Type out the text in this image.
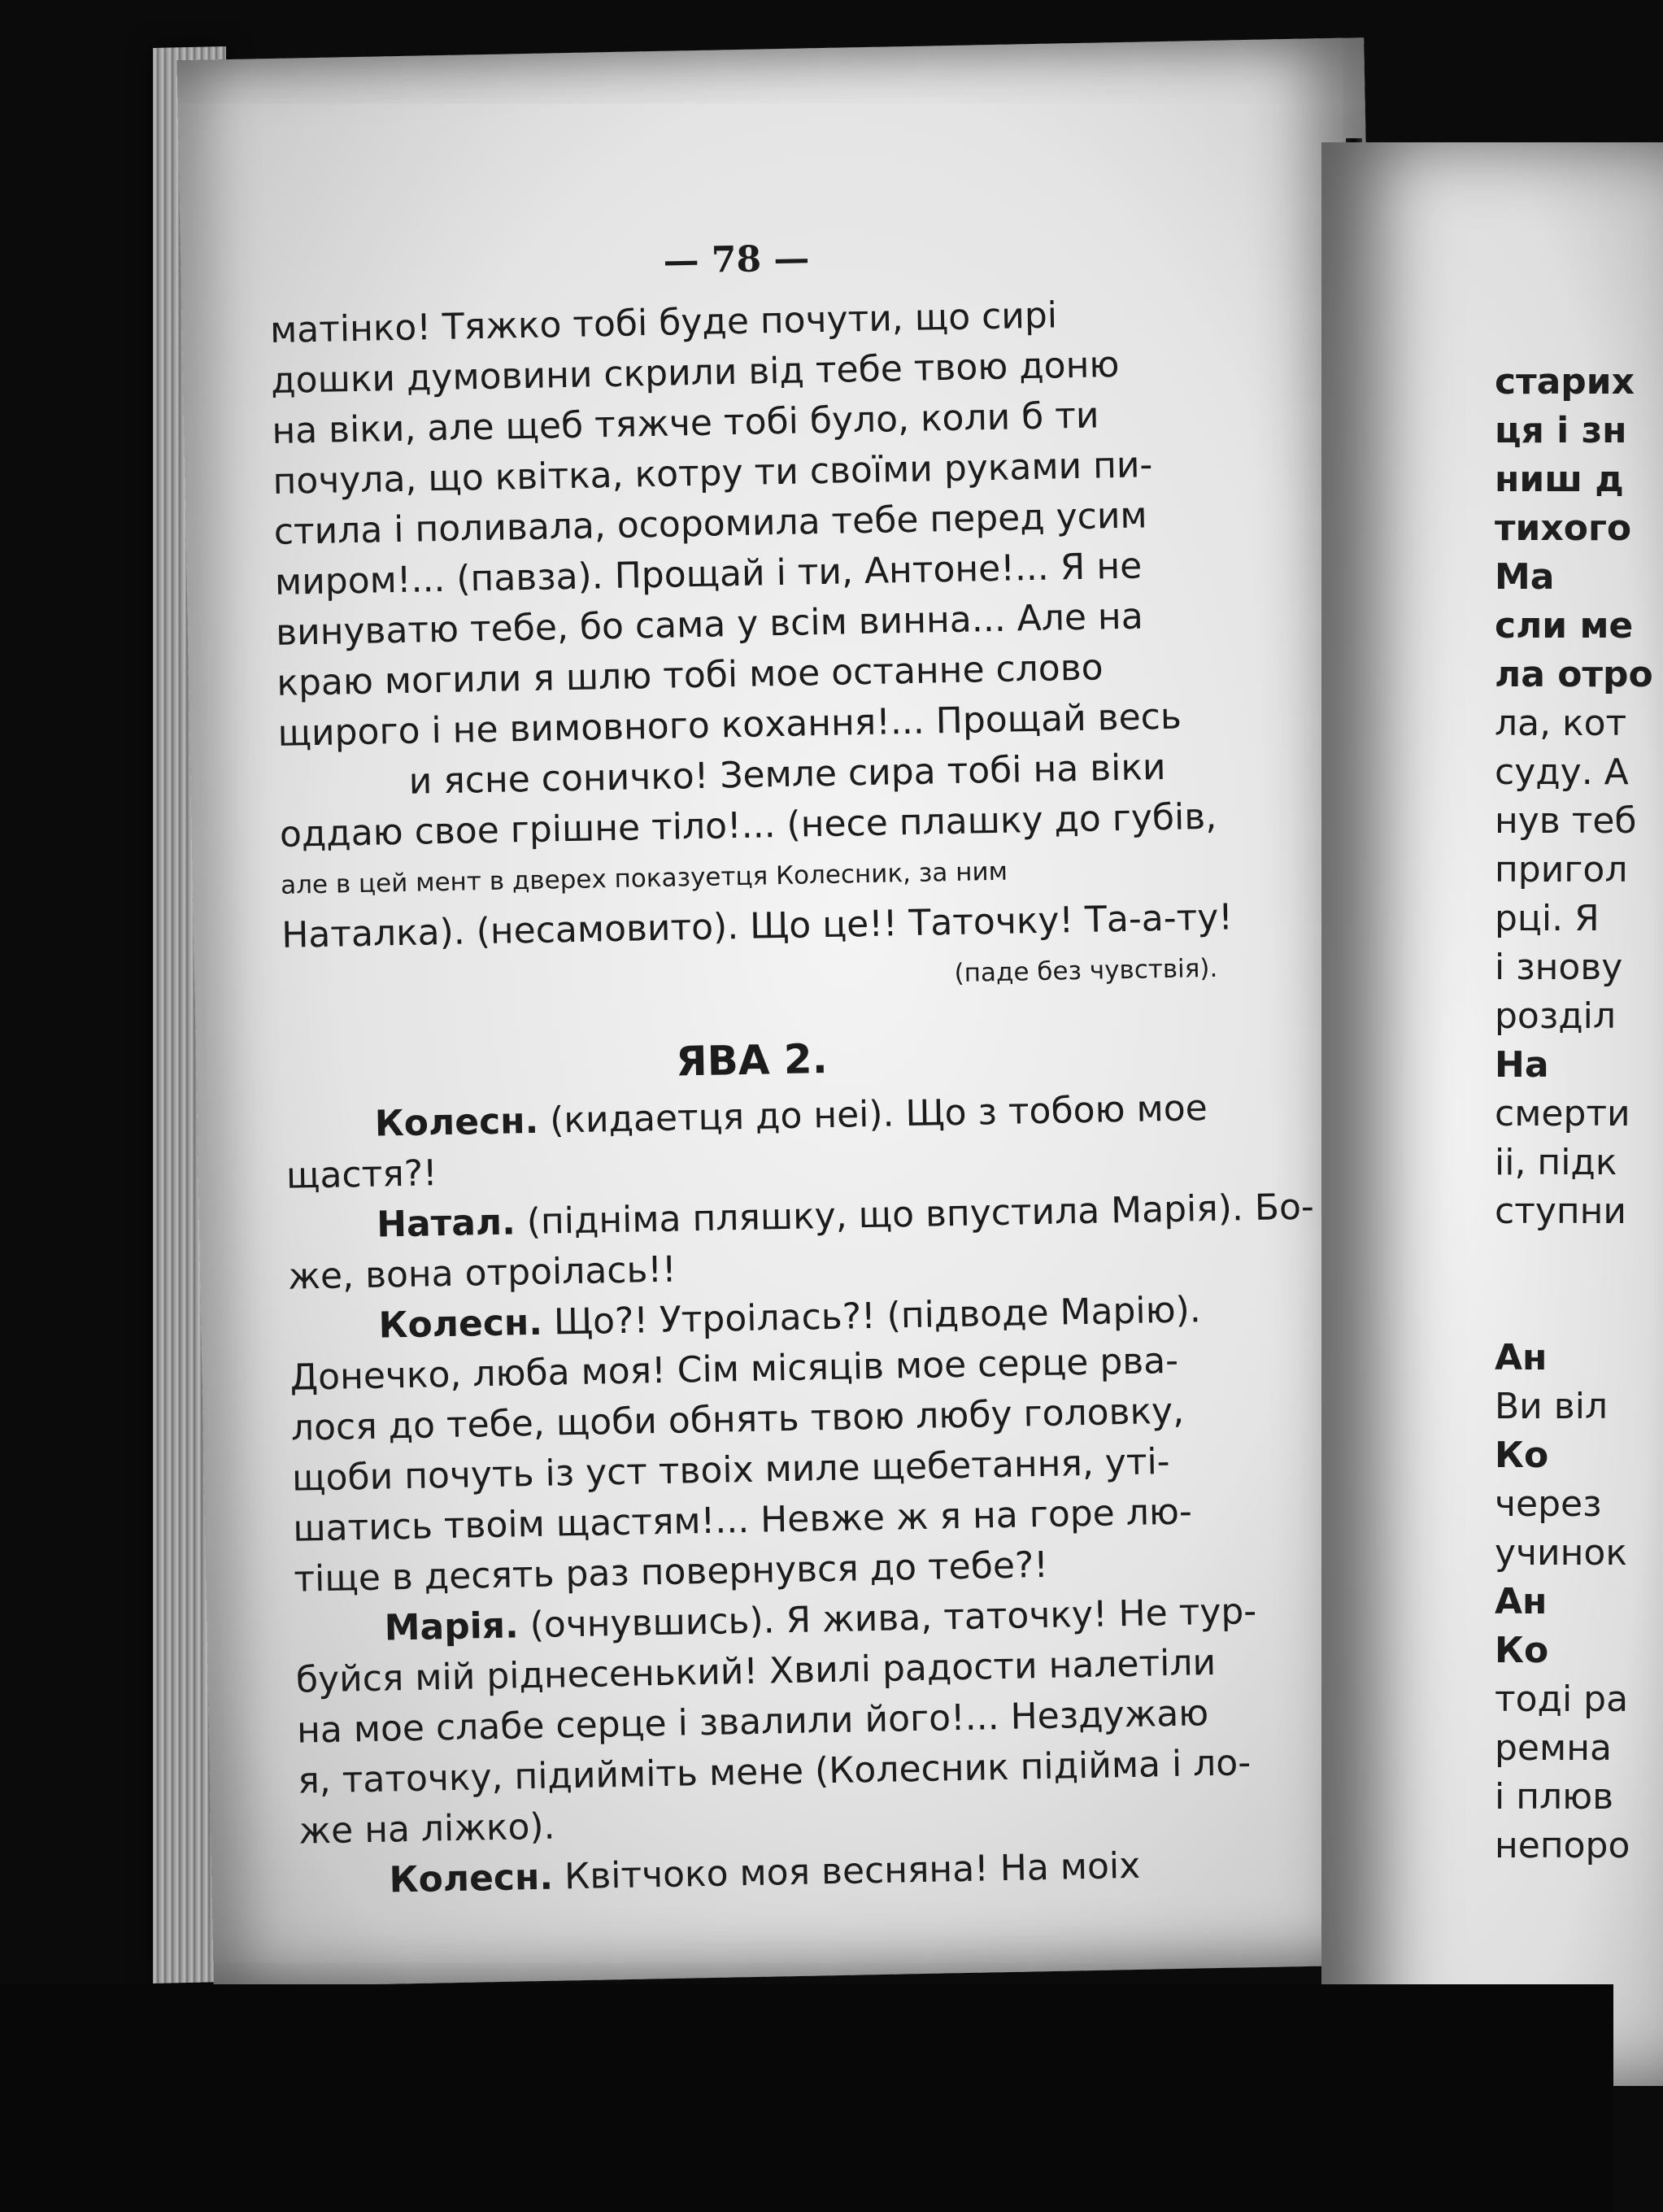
— 78 —
матінко! Тяжко тобі буде почути, що сирі
дошки думовини скрили від тебе твою доню
на віки, але щеб тяжче тобі було, коли б ти
почула, що квітка, котру ти своїми руками пи-
стила і поливала, осоромила тебе перед усим
миром!... (павза). Прощай і ти, Антоне!... Я не
винуватю тебе, бо сама у всім винна... Але на
краю могили я шлю тобі мое останне слово
щирого і не вимовного кохання!... Прощай весь
и ясне соничко! Земле сира тобі на віки
оддаю свое грішне тіло!... (несе плашку до губів,
але в цей мент в дверех показуетця Колесник, за ним
Наталка). (несамовито). Що це!! Таточку! Та-а-ту!
(паде без чувствія).
ЯВА 2.
Колесн. (кидаетця до неі). Що з тобою мое
щастя?!
Натал. (підніма пляшку, що впустила Марія). Бо-
же, вона отроілась!!
Колесн. Що?! Утроілась?! (підводе Марію).
Донечко, люба моя! Сім місяців мое серце рва-
лося до тебе, щоби обнять твою любу головку,
щоби почуть із уст твоіх миле щебетання, уті-
шатись твоім щастям!... Невже ж я на горе лю-
тіще в десять раз повернувся до тебе?!
Марія. (очнувшись). Я жива, таточку! Не тур-
буйся мій ріднесенький! Хвилі радости налетіли
на мое слабе серце і звалили його!... Нездужаю
я, таточку, підийміть мене (Колесник підійма і ло-
же на ліжко).
Колесн. Квітчоко моя весняна! На моіх
старих
ця і зн
ниш д
тихого
Ма
сли ме
ла отро
ла, кот
суду. А
нув теб
пригол
рці. Я
і знову
розділ
На
смерти
ii, підк
ступни
Ан
Ви віл
Ко
через
учинок
Ан
Ко
тоді ра
ремна
і плюв
непоро
